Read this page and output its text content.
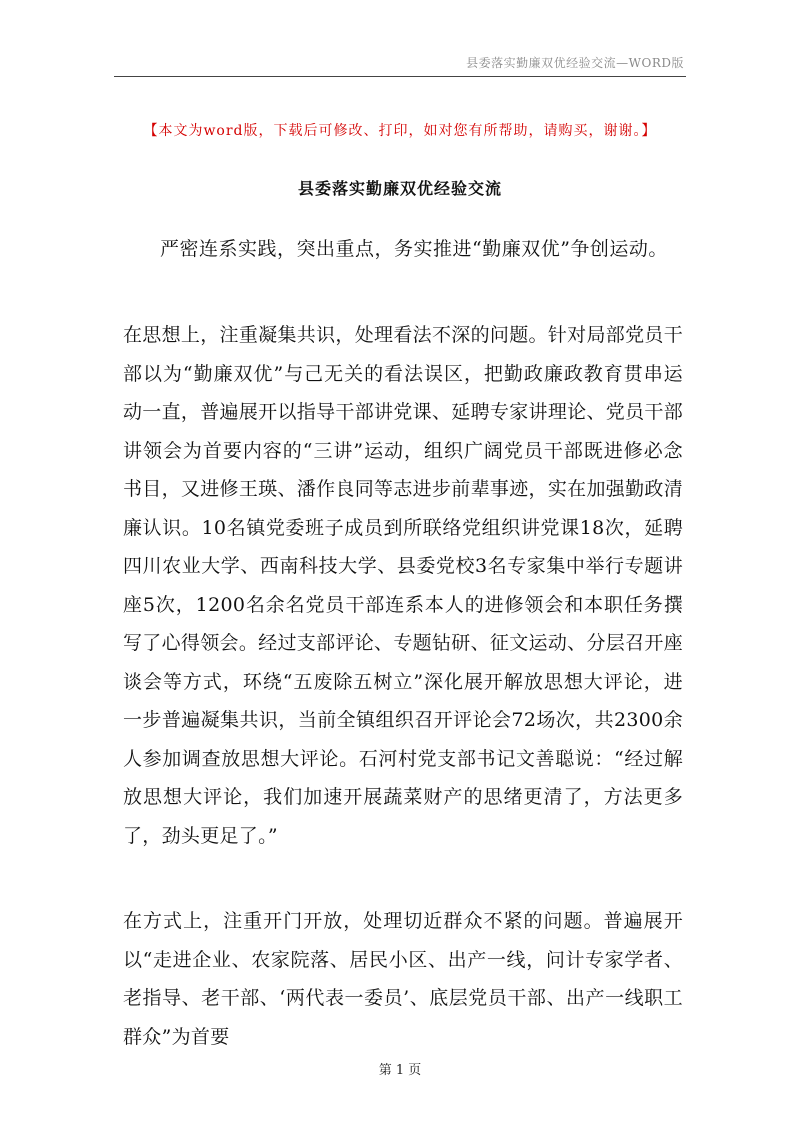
县委落实勤廉双优经验交流—WORD版
【本文为word版，下载后可修改、打印，如对您有所帮助，请购买，谢谢。】
县委落实勤廉双优经验交流
严密连系实践，突出重点，务实推进“勤廉双优”争创运动。
在思想上，注重凝集共识，处理看法不深的问题。针对局部党员干部以为“勤廉双优”与己无关的看法误区，把勤政廉政教育贯串运动一直，普遍展开以指导干部讲党课、延聘专家讲理论、党员干部讲领会为首要内容的“三讲”运动，组织广阔党员干部既进修必念书目，又进修王瑛、潘作良同等志进步前辈事迹，实在加强勤政清廉认识。10名镇党委班子成员到所联络党组织讲党课18次，延聘四川农业大学、西南科技大学、县委党校3名专家集中举行专题讲座5次，1200名余名党员干部连系本人的进修领会和本职任务撰写了心得领会。经过支部评论、专题钻研、征文运动、分层召开座谈会等方式，环绕“五废除五树立”深化展开解放思想大评论，进一步普遍凝集共识，当前全镇组织召开评论会72场次，共2300余人参加调查放思想大评论。石河村党支部书记文善聪说：“经过解放思想大评论，我们加速开展蔬菜财产的思绪更清了，方法更多了，劲头更足了。”
在方式上，注重开门开放，处理切近群众不紧的问题。普遍展开以“走进企业、农家院落、居民小区、出产一线，问计专家学者、老指导、老干部、‘两代表一委员’、底层党员干部、出产一线职工群众”为首要
第 1 页
